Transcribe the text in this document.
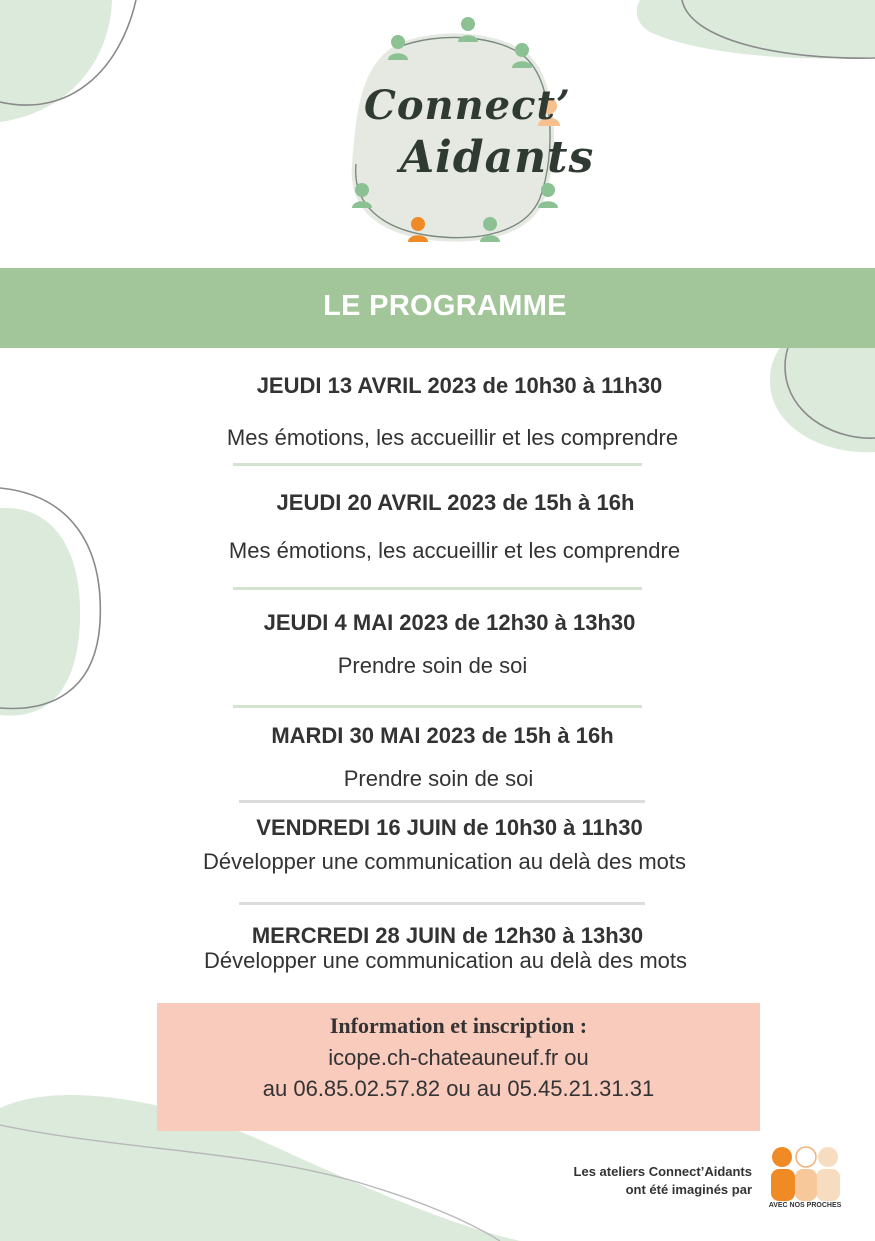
Connect’
Aidants
LE PROGRAMME
JEUDI 13 AVRIL 2023 de 10h30 à 11h30
Mes émotions, les accueillir et les comprendre
JEUDI 20 AVRIL 2023 de 15h à 16h
Mes émotions, les accueillir et les comprendre
JEUDI 4 MAI 2023 de 12h30 à 13h30
Prendre soin de soi
MARDI 30 MAI 2023 de 15h à 16h
Prendre soin de soi
VENDREDI 16 JUIN de 10h30 à 11h30
Développer une communication au delà des mots
MERCREDI 28 JUIN de 12h30 à 13h30
Développer une communication au delà des mots
Information et inscription :
icope.ch-chateauneuf.fr ou
au 06.85.02.57.82 ou au 05.45.21.31.31
Les ateliers Connect’Aidants
ont été imaginés par
AVEC NOS PROCHES
